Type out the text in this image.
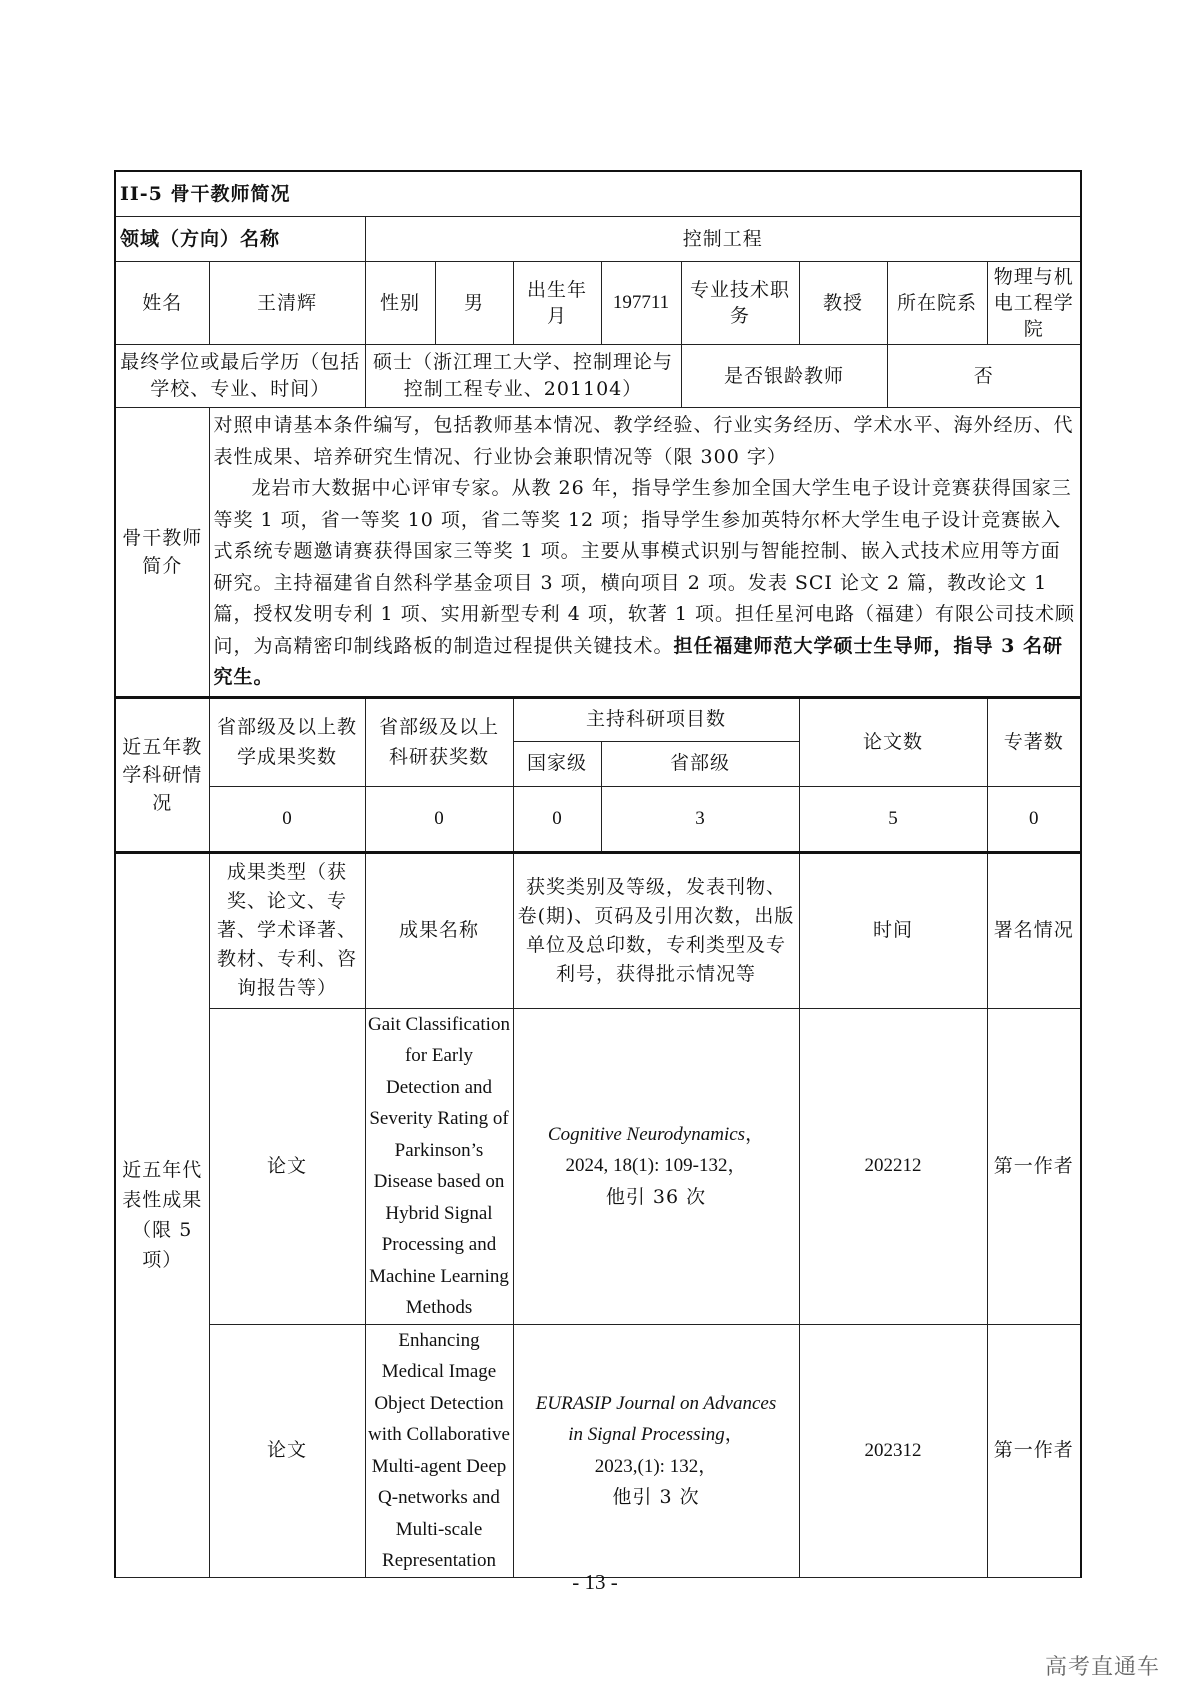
II-5 骨干教师简况									
领域（方向）名称		控制工程							
姓名	王清辉	性别	男	出生年月	197711	专业技术职务	教授	所在院系	物理与机电工程学院
最终学位或最后学历（包括学校、专业、时间）		硕士（浙江理工大学、控制理论与控制工程专业、201104）				是否银龄教师		否	
骨干教师简介	对照申请基本条件编写，包括教师基本情况、教学经验、行业实务经历、学术水平、海外经历、代表性成果、培养研究生情况、行业协会兼职情况等（限 300 字）

龙岩市大数据中心评审专家。从教 26 年，指导学生参加全国大学生电子设计竞赛获得国家三等奖 1 项，省一等奖 10 项，省二等奖 12 项；指导学生参加英特尔杯大学生电子设计竞赛嵌入式系统专题邀请赛获得国家三等奖 1 项。主要从事模式识别与智能控制、嵌入式技术应用等方面研究。主持福建省自然科学基金项目 3 项，横向项目 2 项。发表 SCI 论文 2 篇，教改论文 1 篇，授权发明专利 1 项、实用新型专利 4 项，软著 1 项。担任星河电路（福建）有限公司技术顾问，为高精密印制线路板的制造过程提供关键技术。担任福建师范大学硕士生导师，指导 3 名研究生。								

近五年教学科研情况	省部级及以上教学成果奖数	省部级及以上科研获奖数		主持科研项目数			论文数		专著数
				国家级	省部级				
	0	0		0	3		5		0
近五年代表性成果（限 5 项）	成果类型（获奖、论文、专著、学术译著、教材、专利、咨询报告等）	成果名称		获奖类别及等级，发表刊物、卷(期)、页码及引用次数，出版单位及总印数，专利类型及专利号，获得批示情况等			时间		署名情况
	论文	Gait Classification for Early Detection and Severity Rating of Parkinson’s Disease based on Hybrid Signal Processing and Machine Learning Methods		Cognitive Neurodynamics，
2024, 18(1): 109-132，
他引 36 次			202212		第一作者
	论文	Enhancing Medical Image Object Detection with Collaborative Multi-agent Deep Q-networks and Multi-scale Representation		EURASIP Journal on Advances in Signal Processing，
2023,(1): 132，
他引 3 次			202312		第一作者
- 13 -
高考直通车
